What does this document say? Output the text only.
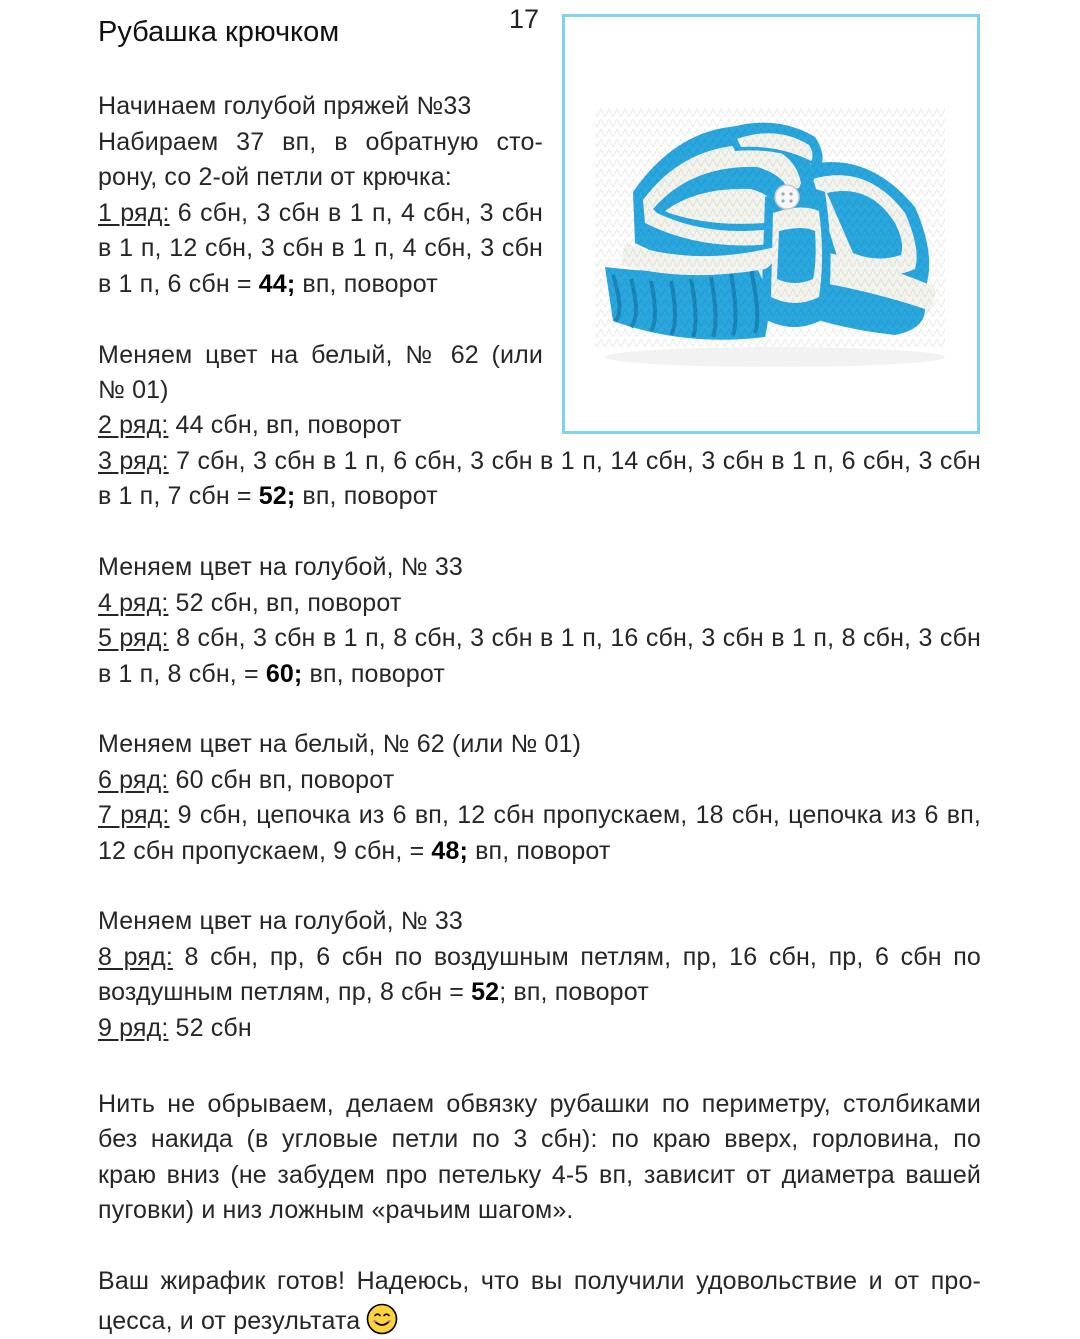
Рубашка крючком	17
Начинаем голубой пряжей №33
Набираем 37 вп, в обратную сто-
рону, со 2-ой петли от крючка:
1 ряд: 6 сбн, 3 сбн в 1 п, 4 сбн, 3 сбн
в 1 п, 12 сбн, 3 сбн в 1 п, 4 сбн, 3 сбн
в 1 п, 6 сбн = 44; вп, поворот
Меняем цвет на белый, № 62 (или
№ 01)
2 ряд: 44 сбн, вп, поворот
3 ряд: 7 сбн, 3 сбн в 1 п, 6 сбн, 3 сбн в 1 п, 14 сбн, 3 сбн в 1 п, 6 сбн, 3 сбн
в 1 п, 7 сбн = 52; вп, поворот
Меняем цвет на голубой, № 33
4 ряд: 52 сбн, вп, поворот
5 ряд: 8 сбн, 3 сбн в 1 п, 8 сбн, 3 сбн в 1 п, 16 сбн, 3 сбн в 1 п, 8 сбн, 3 сбн
в 1 п, 8 сбн, = 60; вп, поворот
Меняем цвет на белый, № 62 (или № 01)
6 ряд: 60 сбн вп, поворот
7 ряд: 9 сбн, цепочка из 6 вп, 12 сбн пропускаем, 18 сбн, цепочка из 6 вп,
12 сбн пропускаем, 9 сбн, = 48; вп, поворот
Меняем цвет на голубой, № 33
8 ряд: 8 сбн, пр, 6 сбн по воздушным петлям, пр, 16 сбн, пр, 6 сбн по
воздушным петлям, пр, 8 сбн = 52; вп, поворот
9 ряд: 52 сбн
Нить не обрываем, делаем обвязку рубашки по периметру, столбиками
без накида (в угловые петли по 3 сбн): по краю вверх, горловина, по
краю вниз (не забудем про петельку 4-5 вп, зависит от диаметра вашей
пуговки) и низ ложным «рачьим шагом».
Ваш жирафик готов! Надеюсь, что вы получили удовольствие и от про-
цесса, и от результата
